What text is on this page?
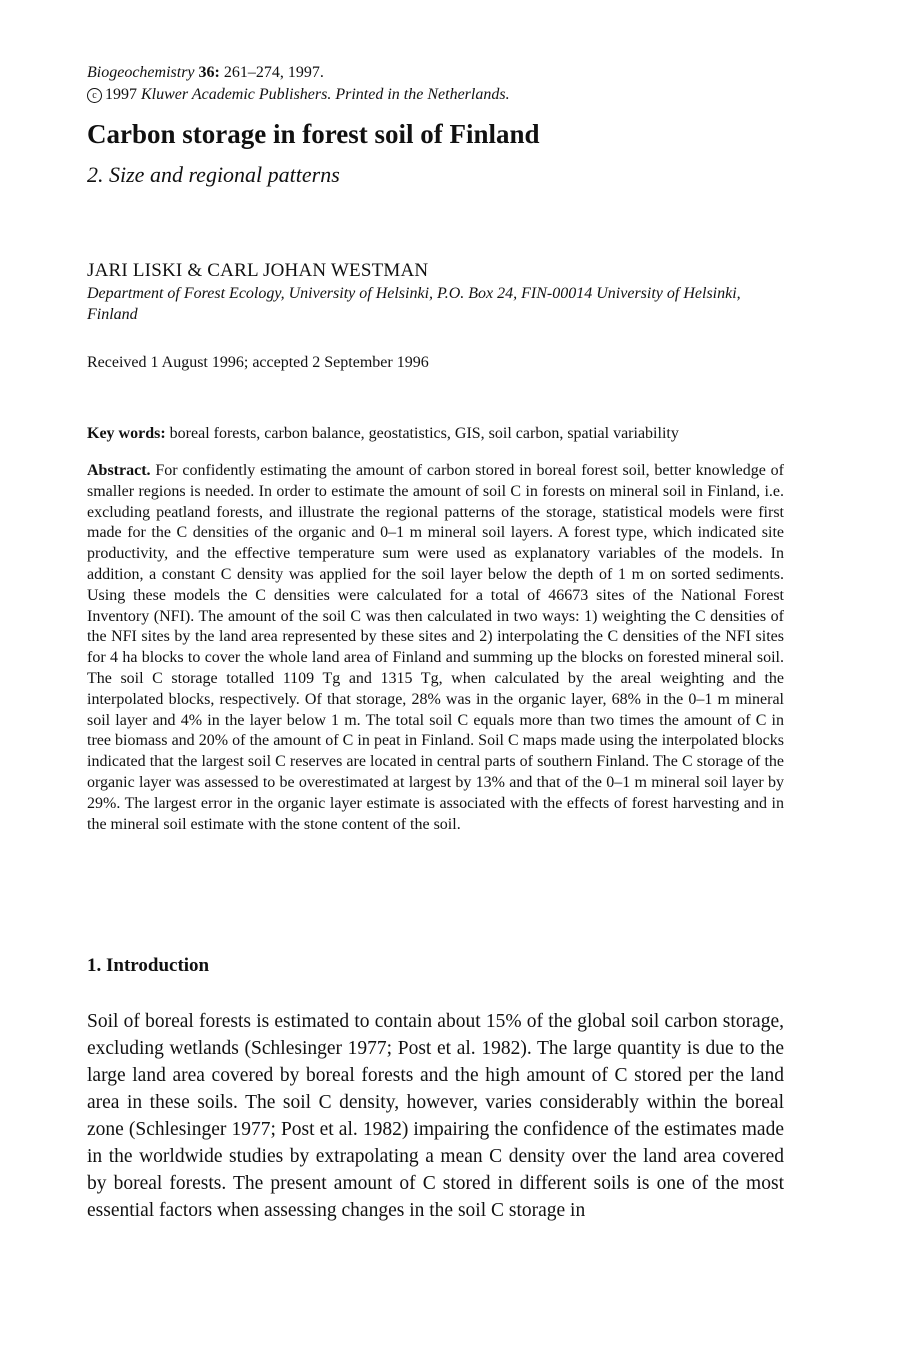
Biogeochemistry 36: 261–274, 1997.
c 1997 Kluwer Academic Publishers. Printed in the Netherlands.
Carbon storage in forest soil of Finland
2. Size and regional patterns
JARI LISKI & CARL JOHAN WESTMAN
Department of Forest Ecology, University of Helsinki, P.O. Box 24, FIN-00014 University of Helsinki, Finland
Received 1 August 1996; accepted 2 September 1996
Key words: boreal forests, carbon balance, geostatistics, GIS, soil carbon, spatial variability
Abstract. For confidently estimating the amount of carbon stored in boreal forest soil, better knowledge of smaller regions is needed. In order to estimate the amount of soil C in forests on mineral soil in Finland, i.e. excluding peatland forests, and illustrate the regional patterns of the storage, statistical models were first made for the C densities of the organic and 0–1 m mineral soil layers. A forest type, which indicated site productivity, and the effective temperature sum were used as explanatory variables of the models. In addition, a constant C density was applied for the soil layer below the depth of 1 m on sorted sediments. Using these models the C densities were calculated for a total of 46673 sites of the National Forest Inventory (NFI). The amount of the soil C was then calculated in two ways: 1) weighting the C densities of the NFI sites by the land area represented by these sites and 2) interpolating the C densities of the NFI sites for 4 ha blocks to cover the whole land area of Finland and summing up the blocks on forested mineral soil. The soil C storage totalled 1109 Tg and 1315 Tg, when calculated by the areal weighting and the interpolated blocks, respectively. Of that storage, 28% was in the organic layer, 68% in the 0–1 m mineral soil layer and 4% in the layer below 1 m. The total soil C equals more than two times the amount of C in tree biomass and 20% of the amount of C in peat in Finland. Soil C maps made using the interpolated blocks indicated that the largest soil C reserves are located in central parts of southern Finland. The C storage of the organic layer was assessed to be overestimated at largest by 13% and that of the 0–1 m mineral soil layer by 29%. The largest error in the organic layer estimate is associated with the effects of forest harvesting and in the mineral soil estimate with the stone content of the soil.
1. Introduction
Soil of boreal forests is estimated to contain about 15% of the global soil carbon storage, excluding wetlands (Schlesinger 1977; Post et al. 1982). The large quantity is due to the large land area covered by boreal forests and the high amount of C stored per the land area in these soils. The soil C density, however, varies considerably within the boreal zone (Schlesinger 1977; Post et al. 1982) impairing the confidence of the estimates made in the worldwide studies by extrapolating a mean C density over the land area covered by boreal forests. The present amount of C stored in different soils is one of the most essential factors when assessing changes in the soil C storage in
